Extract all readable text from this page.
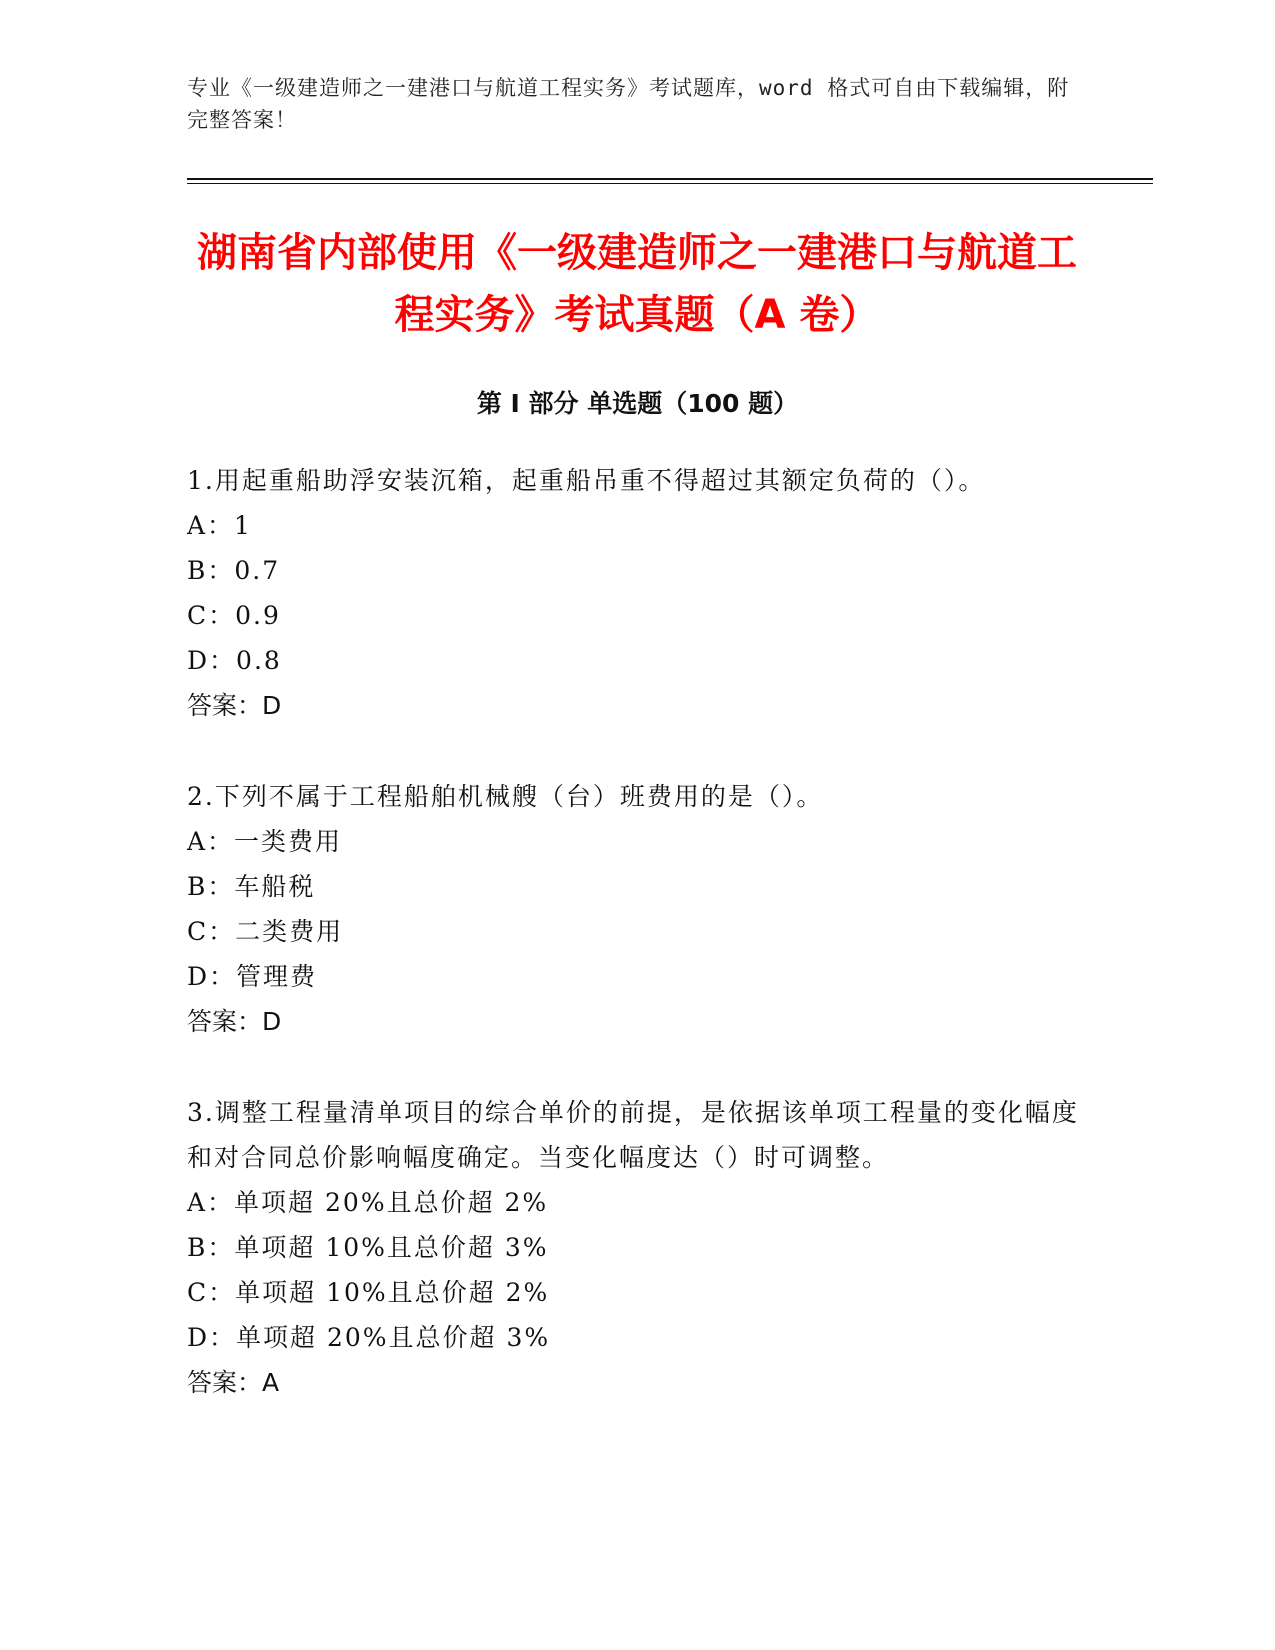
专业《一级建造师之一建港口与航道工程实务》考试题库，word 格式可自由下载编辑，附完整答案！
湖南省内部使用《一级建造师之一建港口与航道工程实务》考试真题（A 卷）
第 I 部分 单选题（100 题）

1.用起重船助浮安装沉箱，起重船吊重不得超过其额定负荷的（）。

A：1

B：0.7

C：0.9

D：0.8

答案：D

2.下列不属于工程船舶机械艘（台）班费用的是（）。

A：一类费用

B：车船税

C：二类费用

D：管理费

答案：D

3.调整工程量清单项目的综合单价的前提，是依据该单项工程量的变化幅度和对合同总价影响幅度确定。当变化幅度达（）时可调整。

A：单项超 20%且总价超 2%

B：单项超 10%且总价超 3%

C：单项超 10%且总价超 2%

D：单项超 20%且总价超 3%

答案：A
